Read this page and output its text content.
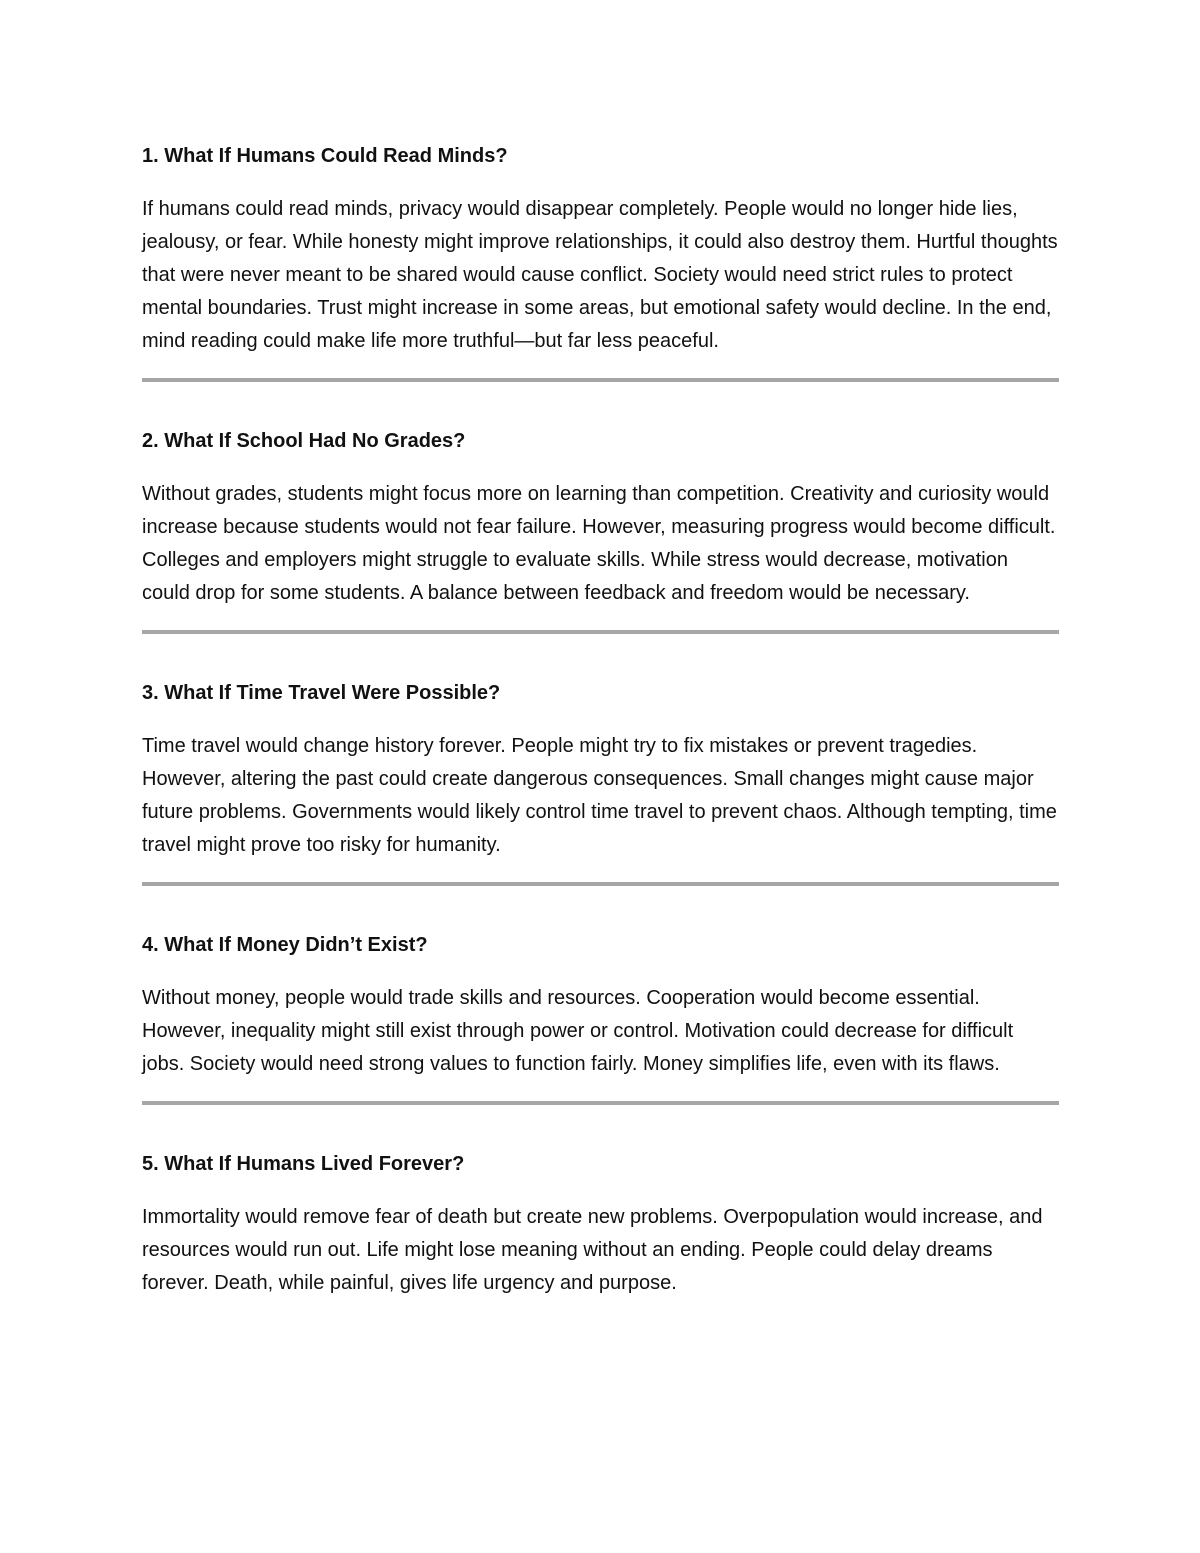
1. What If Humans Could Read Minds?

If humans could read minds, privacy would disappear completely. People would no longer hide lies, jealousy, or fear. While honesty might improve relationships, it could also destroy them. Hurtful thoughts that were never meant to be shared would cause conflict. Society would need strict rules to protect mental boundaries. Trust might increase in some areas, but emotional safety would decline. In the end, mind reading could make life more truthful—but far less peaceful.

2. What If School Had No Grades?

Without grades, students might focus more on learning than competition. Creativity and curiosity would increase because students would not fear failure. However, measuring progress would become difficult. Colleges and employers might struggle to evaluate skills. While stress would decrease, motivation could drop for some students. A balance between feedback and freedom would be necessary.

3. What If Time Travel Were Possible?

Time travel would change history forever. People might try to fix mistakes or prevent tragedies. However, altering the past could create dangerous consequences. Small changes might cause major future problems. Governments would likely control time travel to prevent chaos. Although tempting, time travel might prove too risky for humanity.

4. What If Money Didn’t Exist?

Without money, people would trade skills and resources. Cooperation would become essential. However, inequality might still exist through power or control. Motivation could decrease for difficult jobs. Society would need strong values to function fairly. Money simplifies life, even with its flaws.

5. What If Humans Lived Forever?

Immortality would remove fear of death but create new problems. Overpopulation would increase, and resources would run out. Life might lose meaning without an ending. People could delay dreams forever. Death, while painful, gives life urgency and purpose.
